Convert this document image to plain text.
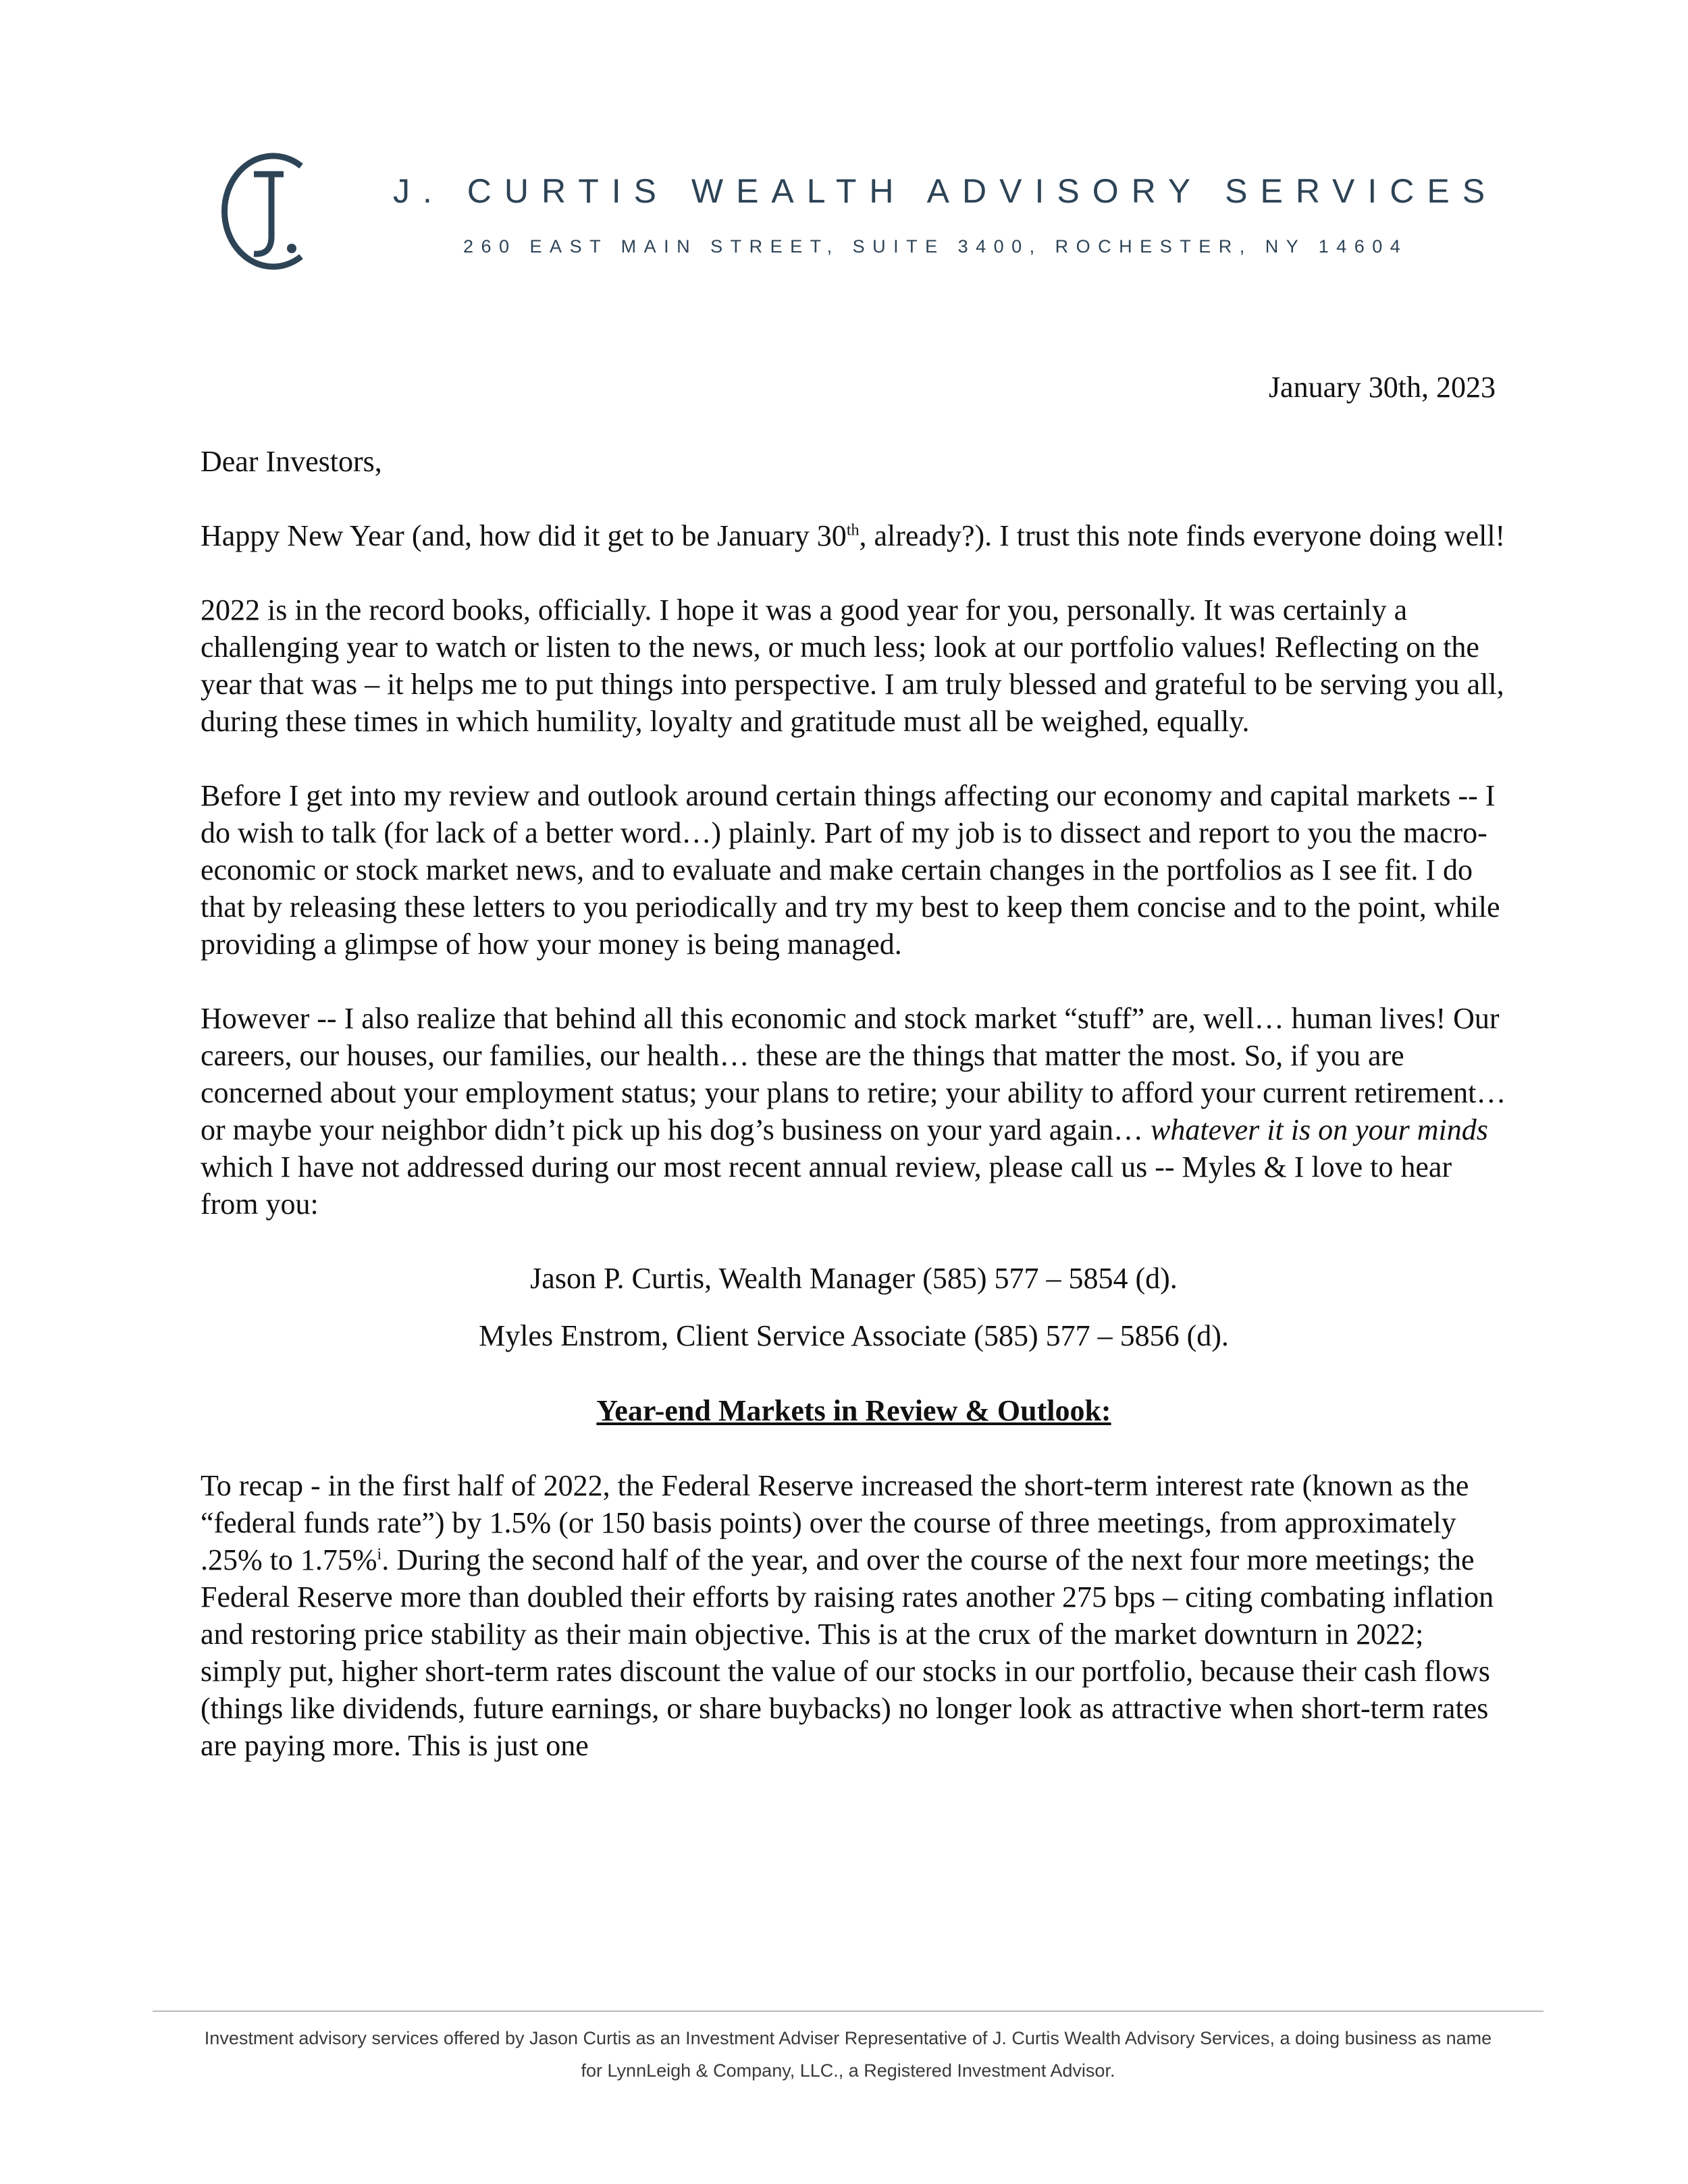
J. CURTIS WEALTH ADVISORY SERVICES
260 EAST MAIN STREET, SUITE 3400, ROCHESTER, NY 14604
January 30th, 2023

Dear Investors,

Happy New Year (and, how did it get to be January 30th, already?). I trust this note finds everyone doing well!

2022 is in the record books, officially. I hope it was a good year for you, personally. It was certainly a challenging year to watch or listen to the news, or much less; look at our portfolio values! Reflecting on the year that was – it helps me to put things into perspective. I am truly blessed and grateful to be serving you all, during these times in which humility, loyalty and gratitude must all be weighed, equally.

Before I get into my review and outlook around certain things affecting our economy and capital markets -- I do wish to talk (for lack of a better word…) plainly. Part of my job is to dissect and report to you the macro-economic or stock market news, and to evaluate and make certain changes in the portfolios as I see fit. I do that by releasing these letters to you periodically and try my best to keep them concise and to the point, while providing a glimpse of how your money is being managed.

However -- I also realize that behind all this economic and stock market “stuff” are, well… human lives! Our careers, our houses, our families, our health… these are the things that matter the most. So, if you are concerned about your employment status; your plans to retire; your ability to afford your current retirement… or maybe your neighbor didn’t pick up his dog’s business on your yard again… whatever it is on your minds which I have not addressed during our most recent annual review, please call us -- Myles & I love to hear from you:

Jason P. Curtis, Wealth Manager (585) 577 – 5854 (d).
Myles Enstrom, Client Service Associate (585) 577 – 5856 (d).
Year-end Markets in Review & Outlook:

To recap - in the first half of 2022, the Federal Reserve increased the short-term interest rate (known as the “federal funds rate”) by 1.5% (or 150 basis points) over the course of three meetings, from approximately .25% to 1.75%$^i$. During the second half of the year, and over the course of the next four more meetings; the Federal Reserve more than doubled their efforts by raising rates another 275 bps – citing combating inflation and restoring price stability as their main objective. This is at the crux of the market downturn in 2022; simply put, higher short-term rates discount the value of our stocks in our portfolio, because their cash flows (things like dividends, future earnings, or share buybacks) no longer look as attractive when short-term rates are paying more. This is just one

Investment advisory services offered by Jason Curtis as an Investment Adviser Representative of J. Curtis Wealth Advisory Services, a doing business as name
for LynnLeigh & Company, LLC., a Registered Investment Advisor.
